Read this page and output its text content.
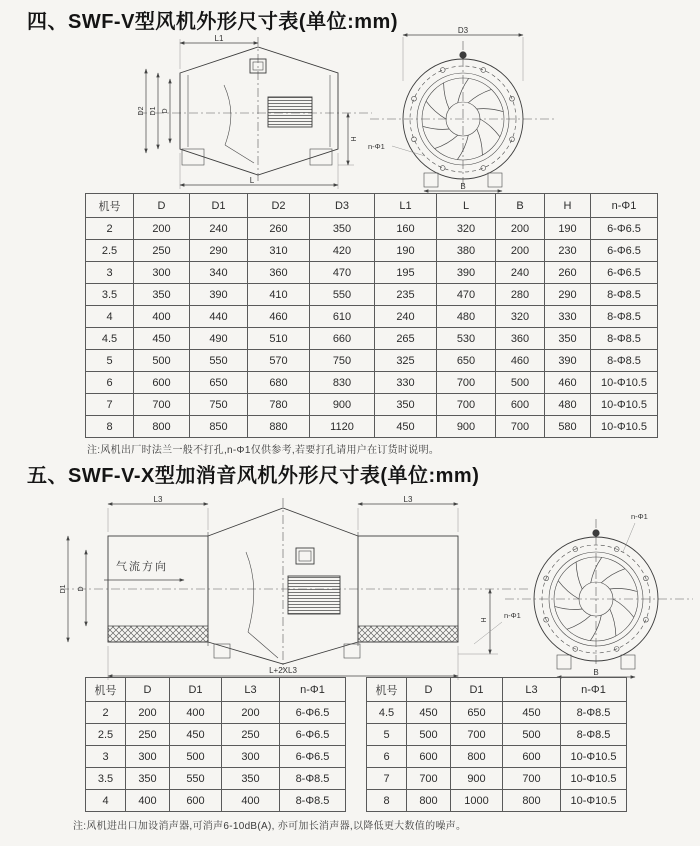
四、SWF-V型风机外形尺寸表(单位:mm)
L1
D2 D1 D
H
L
D3
n-Φ1
B
机号	D	D1	D2	D3	L1	L	B	H	n-Φ1
2	200	240	260	350	160	320	200	190	6-Φ6.5
2.5	250	290	310	420	190	380	200	230	6-Φ6.5
3	300	340	360	470	195	390	240	260	6-Φ6.5
3.5	350	390	410	550	235	470	280	290	8-Φ8.5
4	400	440	460	610	240	480	320	330	8-Φ8.5
4.5	450	490	510	660	265	530	360	350	8-Φ8.5
5	500	550	570	750	325	650	460	390	8-Φ8.5
6	600	650	680	830	330	700	500	460	10-Φ10.5
7	700	750	780	900	350	700	600	480	10-Φ10.5
8	800	850	880	1120	450	900	700	580	10-Φ10.5
注:风机出厂时法兰一般不打孔,n-Φ1仅供参考,若要打孔请用户在订货时说明。
五、SWF-V-X型加消音风机外形尺寸表(单位:mm)
气流方向
L3	L3
D1 D
H n-Φ1
L+2XL3
n-Φ1
B
机号	D	D1	L3	n-Φ1
2	200	400	200	6-Φ6.5
2.5	250	450	250	6-Φ6.5
3	300	500	300	6-Φ6.5
3.5	350	550	350	8-Φ8.5
4	400	600	400	8-Φ8.5
机号	D	D1	L3	n-Φ1
4.5	450	650	450	8-Φ8.5
5	500	700	500	8-Φ8.5
6	600	800	600	10-Φ10.5
7	700	900	700	10-Φ10.5
8	800	1000	800	10-Φ10.5
注:风机进出口加设消声器,可消声6-10dB(A), 亦可加长消声器,以降低更大数值的噪声。
